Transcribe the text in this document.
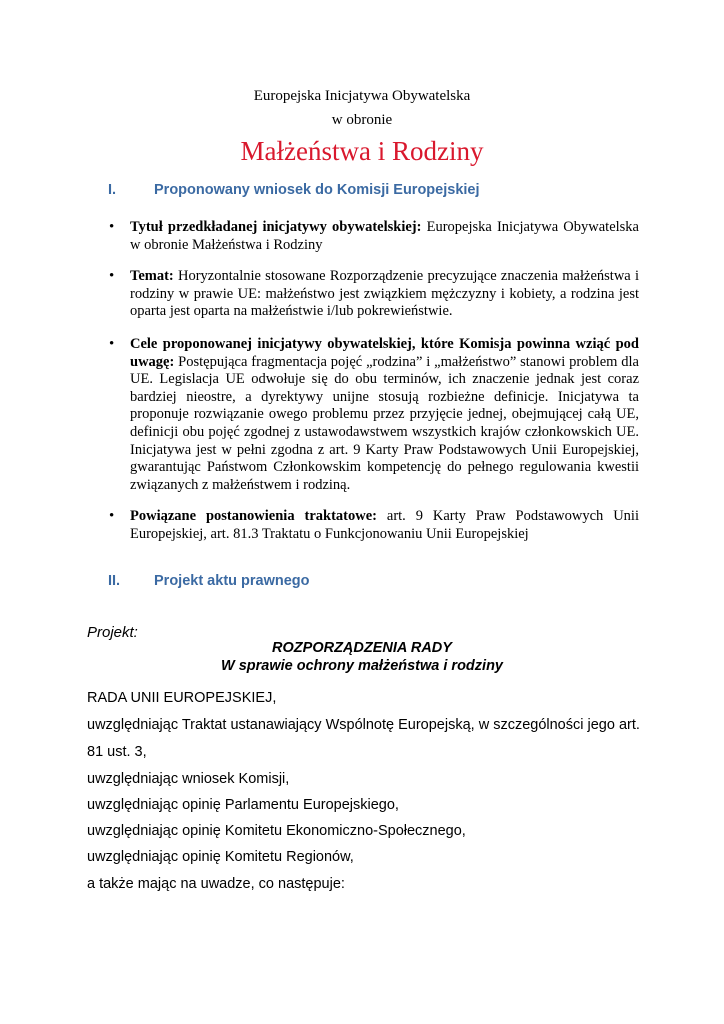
Europejska Inicjatywa Obywatelska
w obronie
Małżeństwa i Rodziny
I.	Proponowany wniosek do Komisji Europejskiej
• Tytuł przedkładanej inicjatywy obywatelskiej: Europejska Inicjatywa Obywatelska w obronie Małżeństwa i Rodziny
• Temat: Horyzontalnie stosowane Rozporządzenie precyzujące znaczenia małżeństwa i rodziny w prawie UE: małżeństwo jest związkiem mężczyzny i kobiety, a rodzina jest oparta jest oparta na małżeństwie i/lub pokrewieństwie.
• Cele proponowanej inicjatywy obywatelskiej, które Komisja powinna wziąć pod uwagę: Postępująca fragmentacja pojęć „rodzina” i „małżeństwo” stanowi problem dla UE. Legislacja UE odwołuje się do obu terminów, ich znaczenie jednak jest coraz bardziej nieostre, a dyrektywy unijne stosują rozbieżne definicje. Inicjatywa ta proponuje rozwiązanie owego problemu przez przyjęcie jednej, obejmującej całą UE, definicji obu pojęć zgodnej z ustawodawstwem wszystkich krajów członkowskich UE. Inicjatywa jest w pełni zgodna z art. 9 Karty Praw Podstawowych Unii Europejskiej, gwarantując Państwom Członkowskim kompetencję do pełnego regulowania kwestii związanych z małżeństwem i rodziną.
• Powiązane postanowienia traktatowe: art. 9 Karty Praw Podstawowych Unii Europejskiej, art. 81.3 Traktatu o Funkcjonowaniu Unii Europejskiej
II. Projekt aktu prawnego
Projekt:
ROZPORZĄDZENIA RADY
W sprawie ochrony małżeństwa i rodziny
RADA UNII EUROPEJSKIEJ,
uwzględniając Traktat ustanawiający Wspólnotę Europejską, w szczególności jego art.
81 ust. 3,
uwzględniając wniosek Komisji,
uwzględniając opinię Parlamentu Europejskiego,
uwzględniając opinię Komitetu Ekonomiczno-Społecznego,
uwzględniając opinię Komitetu Regionów,
a także mając na uwadze, co następuje:
